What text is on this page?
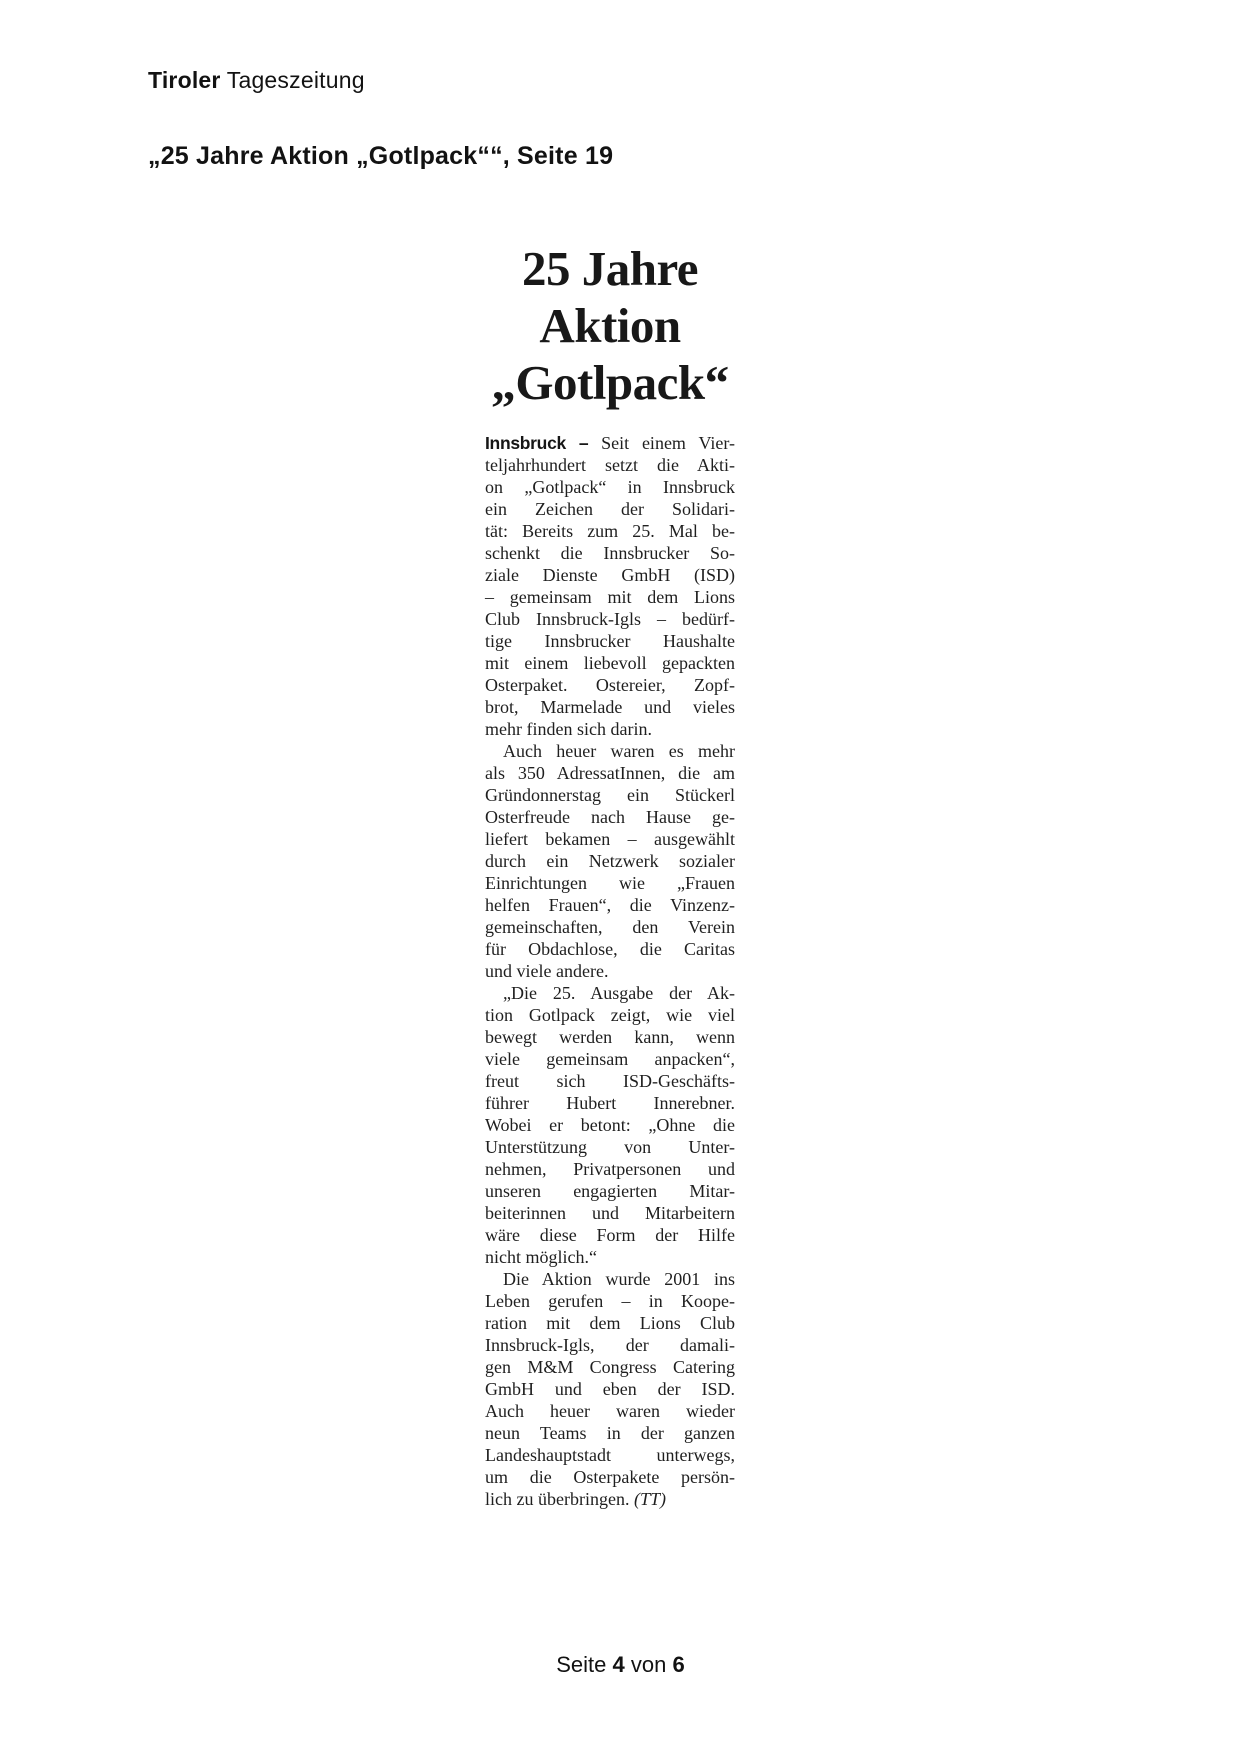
Tiroler Tageszeitung
„25 Jahre Aktion „Gotlpack““, Seite 19
25 Jahre
Aktion
„Gotlpack“
Innsbruck – Seit einem Vier-
teljahrhundert setzt die Akti-
on „Gotlpack“ in Innsbruck
ein Zeichen der Solidari-
tät: Bereits zum 25. Mal be-
schenkt die Innsbrucker So-
ziale Dienste GmbH (ISD)
– gemeinsam mit dem Lions
Club Innsbruck-Igls – bedürf-
tige Innsbrucker Haushalte
mit einem liebevoll gepackten
Osterpaket. Ostereier, Zopf-
brot, Marmelade und vieles
mehr finden sich darin.
Auch heuer waren es mehr
als 350 AdressatInnen, die am
Gründonnerstag ein Stückerl
Osterfreude nach Hause ge-
liefert bekamen – ausgewählt
durch ein Netzwerk sozialer
Einrichtungen wie „Frauen
helfen Frauen“, die Vinzenz-
gemeinschaften, den Verein
für Obdachlose, die Caritas
und viele andere.
„Die 25. Ausgabe der Ak-
tion Gotlpack zeigt, wie viel
bewegt werden kann, wenn
viele gemeinsam anpacken“,
freut sich ISD-Geschäfts-
führer Hubert Innerebner.
Wobei er betont: „Ohne die
Unterstützung von Unter-
nehmen, Privatpersonen und
unseren engagierten Mitar-
beiterinnen und Mitarbeitern
wäre diese Form der Hilfe
nicht möglich.“
Die Aktion wurde 2001 ins
Leben gerufen – in Koope-
ration mit dem Lions Club
Innsbruck-Igls, der damali-
gen M&M Congress Catering
GmbH und eben der ISD.
Auch heuer waren wieder
neun Teams in der ganzen
Landeshauptstadt unterwegs,
um die Osterpakete persön-
lich zu überbringen. (TT)
Seite 4 von 6
